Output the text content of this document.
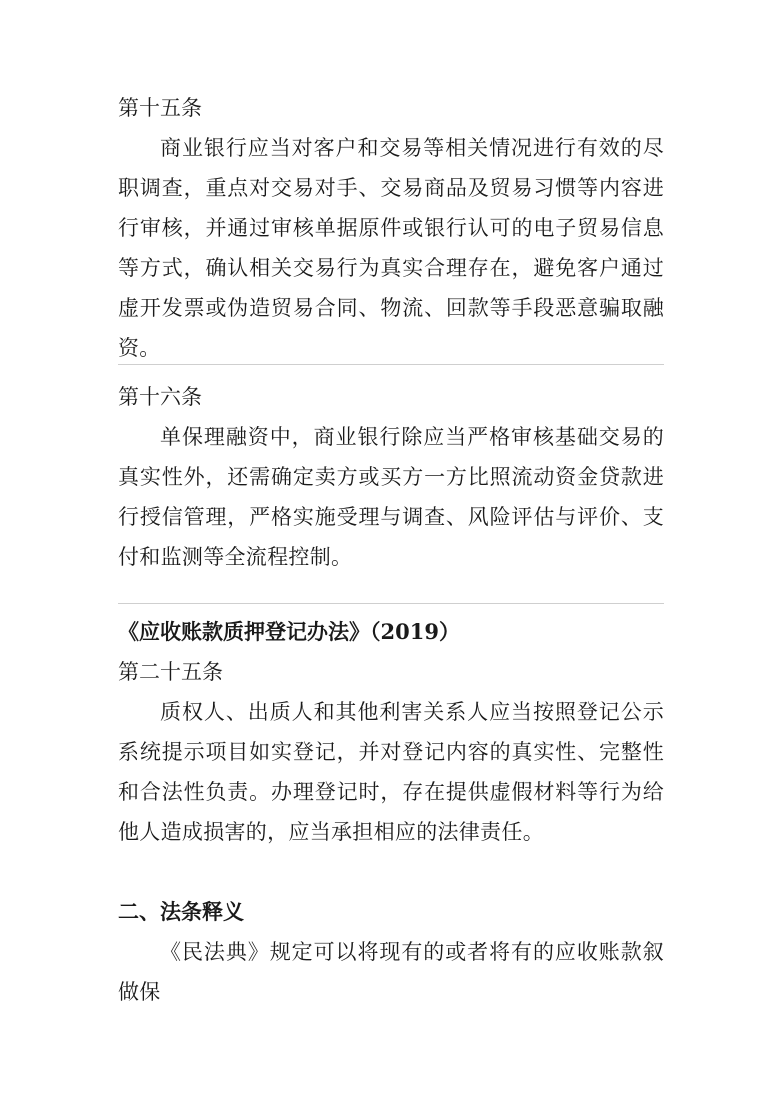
第十五条

商业银行应当对客户和交易等相关情况进行有效的尽职调查，重点对交易对手、交易商品及贸易习惯等内容进行审核，并通过审核单据原件或银行认可的电子贸易信息等方式，确认相关交易行为真实合理存在，避免客户通过虚开发票或伪造贸易合同、物流、回款等手段恶意骗取融资。

第十六条

单保理融资中，商业银行除应当严格审核基础交易的真实性外，还需确定卖方或买方一方比照流动资金贷款进行授信管理，严格实施受理与调查、风险评估与评价、支付和监测等全流程控制。

《应收账款质押登记办法》（2019）

第二十五条

质权人、出质人和其他利害关系人应当按照登记公示系统提示项目如实登记，并对登记内容的真实性、完整性和合法性负责。办理登记时，存在提供虚假材料等行为给他人造成损害的，应当承担相应的法律责任。

二、法条释义

《民法典》规定可以将现有的或者将有的应收账款叙做保
